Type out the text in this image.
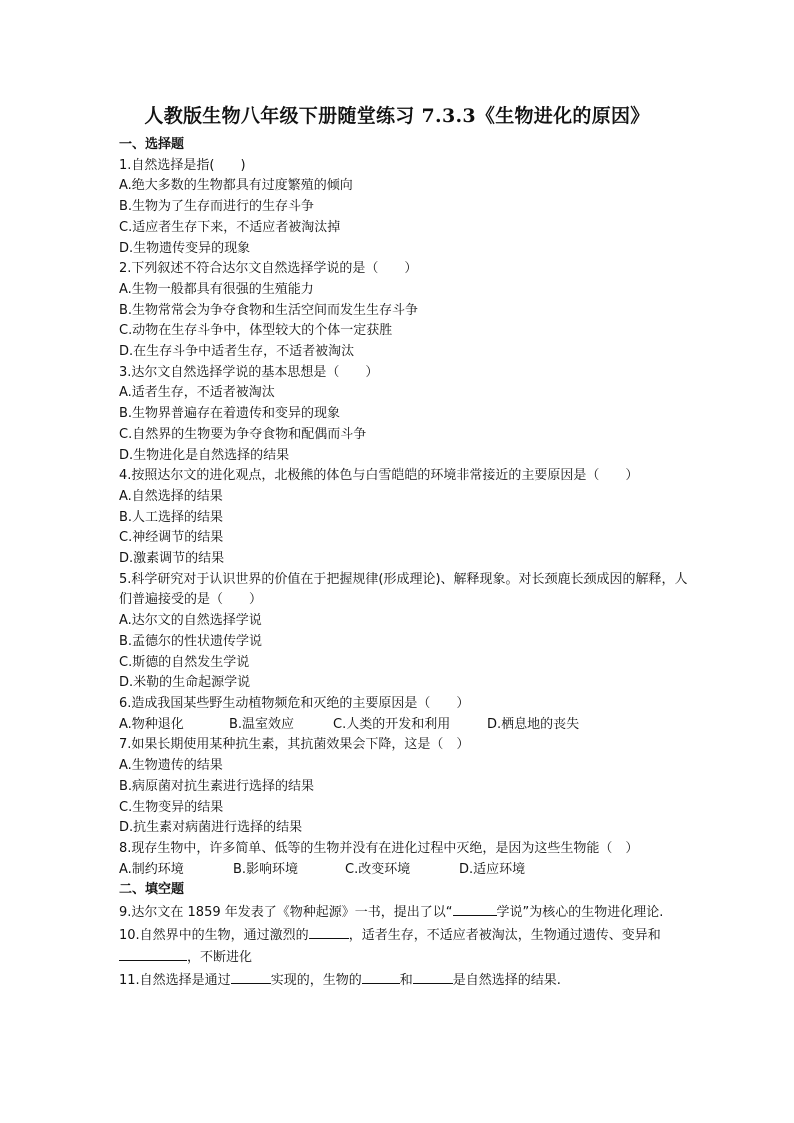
人教版生物八年级下册随堂练习 7.3.3《生物进化的原因》
一、选择题
1.自然选择是指(　　)
A.绝大多数的生物都具有过度繁殖的倾向
B.生物为了生存而进行的生存斗争
C.适应者生存下来，不适应者被淘汰掉
D.生物遗传变异的现象
2.下列叙述不符合达尔文自然选择学说的是（　　）
A.生物一般都具有很强的生殖能力
B.生物常常会为争夺食物和生活空间而发生生存斗争
C.动物在生存斗争中，体型较大的个体一定获胜
D.在生存斗争中适者生存，不适者被淘汰
3.达尔文自然选择学说的基本思想是（　　）
A.适者生存，不适者被淘汰
B.生物界普遍存在着遗传和变异的现象
C.自然界的生物要为争夺食物和配偶而斗争
D.生物进化是自然选择的结果
4.按照达尔文的进化观点，北极熊的体色与白雪皑皑的环境非常接近的主要原因是（　　）
A.自然选择的结果
B.人工选择的结果
C.神经调节的结果
D.激素调节的结果
5.科学研究对于认识世界的价值在于把握规律(形成理论)、解释现象。对长颈鹿长颈成因的解释，人们普遍接受的是（　　）
A.达尔文的自然选择学说
B.孟德尔的性状遗传学说
C.斯德的自然发生学说
D.米勒的生命起源学说
6.造成我国某些野生动植物频危和灭绝的主要原因是（　　）
A.物种退化	B.温室效应	C.人类的开发和利用	D.栖息地的丧失
7.如果长期使用某种抗生素，其抗菌效果会下降，这是（　）
A.生物遗传的结果
B.病原菌对抗生素进行选择的结果
C.生物变异的结果
D.抗生素对病菌进行选择的结果
8.现存生物中，许多简单、低等的生物并没有在进化过程中灭绝，是因为这些生物能（　）
A.制约环境	B.影响环境	C.改变环境	D.适应环境
二、填空题
9.达尔文在 1859 年发表了《物种起源》一书，提出了以“	学说”为核心的生物进化理论.
10.自然界中的生物，通过激烈的	，适者生存，不适应者被淘汰，生物通过遗传、变异和
，不断进化
11.自然选择是通过	实现的，生物的	和	是自然选择的结果.
